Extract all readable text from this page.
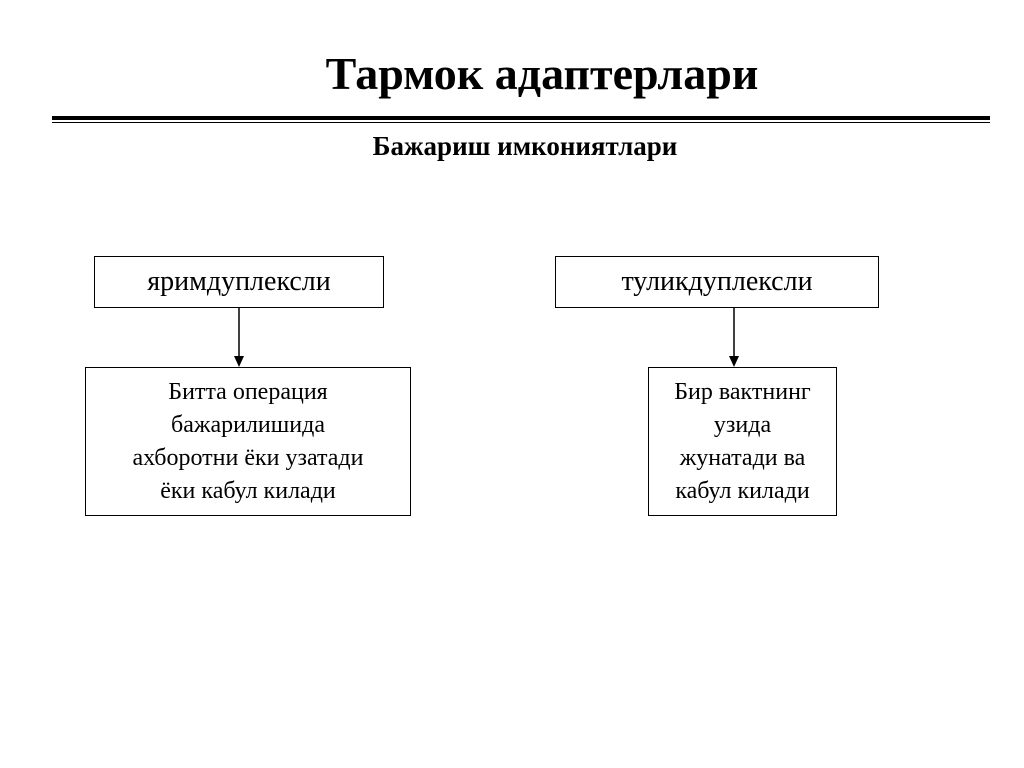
Тармок адаптерлари
Бажариш имкониятлари
яримдуплексли	туликдуплексли
Битта операция
бажарилишида
ахборотни ёки узатади
ёки кабул килади
Бир вактнинг
узида
жунатади ва
кабул килади
